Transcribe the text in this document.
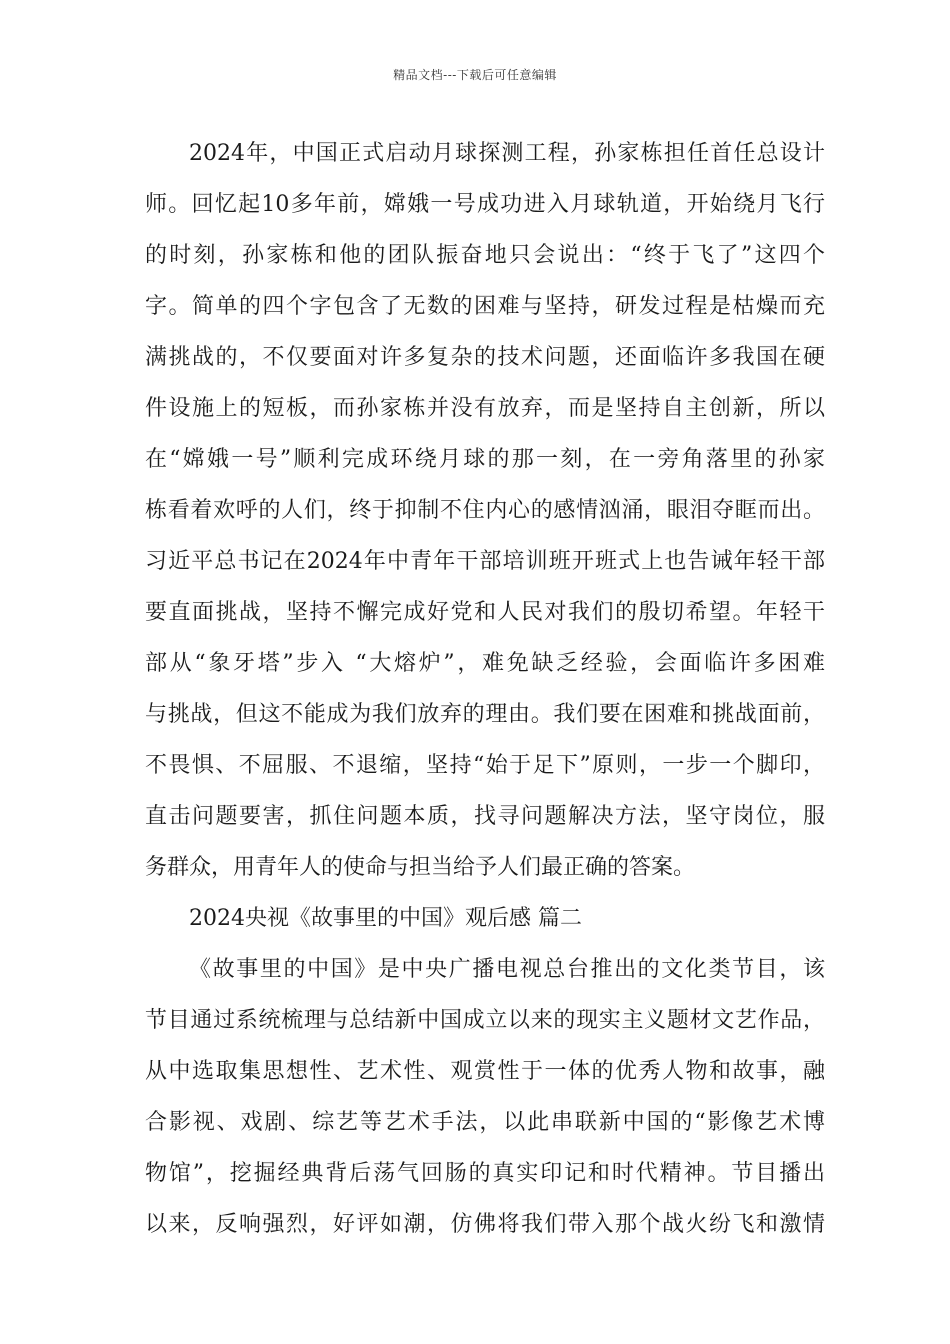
精品文档---下载后可任意编辑
2024年，中国正式启动月球探测工程，孙家栋担任首任总设计
师。回忆起10多年前，嫦娥一号成功进入月球轨道，开始绕月飞行
的时刻，孙家栋和他的团队振奋地只会说出：“终于飞了”这四个
字。简单的四个字包含了无数的困难与坚持，研发过程是枯燥而充
满挑战的，不仅要面对许多复杂的技术问题，还面临许多我国在硬
件设施上的短板，而孙家栋并没有放弃，而是坚持自主创新，所以
在“嫦娥一号”顺利完成环绕月球的那一刻，在一旁角落里的孙家
栋看着欢呼的人们，终于抑制不住内心的感情汹涌，眼泪夺眶而出。
习近平总书记在2024年中青年干部培训班开班式上也告诫年轻干部
要直面挑战，坚持不懈完成好党和人民对我们的殷切希望。年轻干
部从“象牙塔”步入 “大熔炉”，难免缺乏经验，会面临许多困难
与挑战，但这不能成为我们放弃的理由。我们要在困难和挑战面前，
不畏惧、不屈服、不退缩，坚持“始于足下”原则，一步一个脚印，
直击问题要害，抓住问题本质，找寻问题解决方法，坚守岗位，服
务群众，用青年人的使命与担当给予人们最正确的答案。
2024央视《故事里的中国》观后感 篇二
《故事里的中国》是中央广播电视总台推出的文化类节目，该
节目通过系统梳理与总结新中国成立以来的现实主义题材文艺作品，
从中选取集思想性、艺术性、观赏性于一体的优秀人物和故事，融
合影视、戏剧、综艺等艺术手法，以此串联新中国的“影像艺术博
物馆”，挖掘经典背后荡气回肠的真实印记和时代精神。节目播出
以来，反响强烈，好评如潮，仿佛将我们带入那个战火纷飞和激情
